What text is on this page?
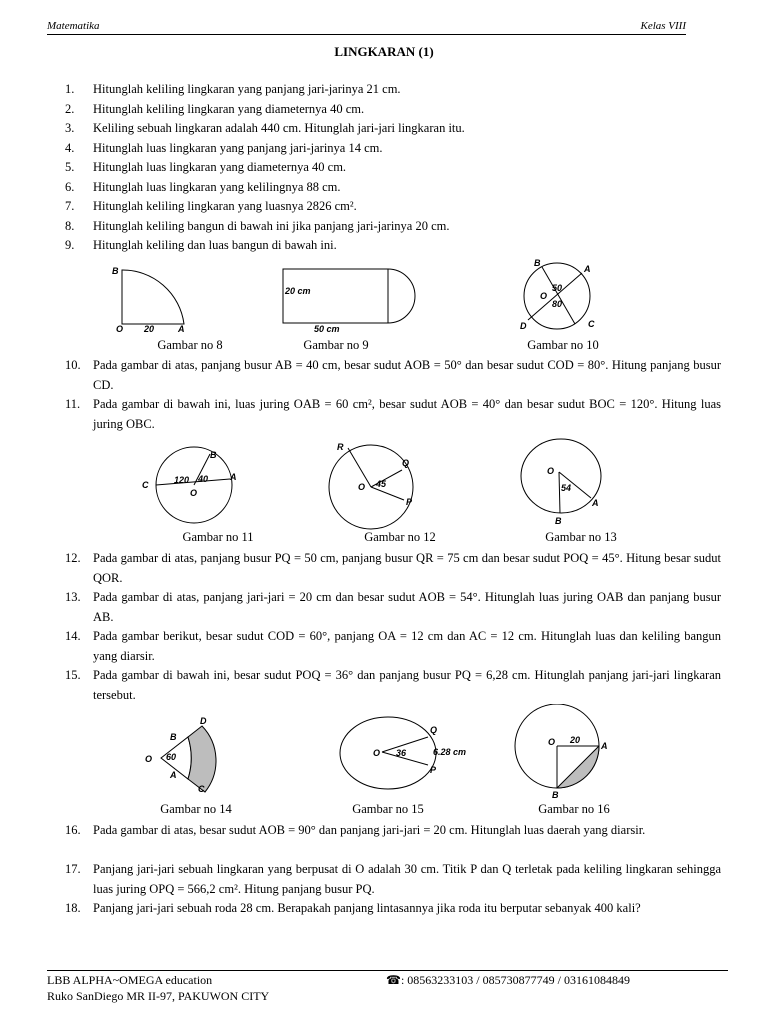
Matematika	Kelas VIII
LINGKARAN (1)
1.	Hitunglah keliling lingkaran yang panjang jari-jarinya 21 cm.
2.	Hitunglah keliling lingkaran yang diameternya 40 cm.
3.	Keliling sebuah lingkaran adalah 440 cm. Hitunglah jari-jari lingkaran itu.
4.	Hitunglah luas lingkaran yang panjang jari-jarinya 14 cm.
5.	Hitunglah luas lingkaran yang diameternya 40 cm.
6.	Hitunglah luas lingkaran yang kelilingnya 88 cm.
7.	Hitunglah keliling lingkaran yang luasnya 2826 cm².
8.	Hitunglah keliling bangun di bawah ini jika panjang jari-jarinya 20 cm.
9.	Hitunglah keliling dan luas bangun di bawah ini.
B
O 20	A
20 cm
50 cm
B
A
O
50
80
D	C
Gambar no 8	Gambar no 9	Gambar no 10
10. Pada gambar di atas, panjang busur AB = 40 cm, besar sudut AOB = 50° dan besar sudut COD = 80°. Hitung panjang busur CD.
11.	Pada gambar di bawah ini, luas juring OAB = 60 cm², besar sudut AOB = 40° dan besar sudut BOC = 120°. Hitung luas juring OBC.
C	120 40
B
A
O
R
Q
O 45
P
O
54
A
B
Gambar no 11	Gambar no 12	Gambar no 13
12. Pada gambar di atas, panjang busur PQ = 50 cm, panjang busur QR = 75 cm dan besar sudut POQ = 45°. Hitung besar sudut QOR.
13. Pada gambar di atas, panjang jari-jari = 20 cm dan besar sudut AOB = 54°. Hitunglah luas juring OAB dan panjang busur AB.
14. Pada gambar berikut, besar sudut COD = 60°, panjang OA = 12 cm dan AC = 12 cm. Hitunglah luas dan keliling bangun yang diarsir.
15. Pada gambar di bawah ini, besar sudut POQ = 36° dan panjang busur PQ = 6,28 cm. Hitunglah panjang jari-jari lingkaran tersebut.
D
B
O 60
A
C
O 36
Q
6.28 cm
P
O 20
A
B
Gambar no 14	Gambar no 15	Gambar no 16
16. Pada gambar di atas, besar sudut AOB = 90° dan panjang jari-jari = 20 cm. Hitunglah luas daerah yang diarsir.
17. Panjang jari-jari sebuah lingkaran yang berpusat di O adalah 30 cm. Titik P dan Q terletak pada keliling lingkaran sehingga luas juring OPQ = 566,2 cm². Hitung panjang busur PQ.
18. Panjang jari-jari sebuah roda 28 cm. Berapakah panjang lintasannya jika roda itu berputar sebanyak 400 kali?
LBB ALPHA~OMEGA education
Ruko SanDiego MR II-97, PAKUWON CITY
☎: 08563233103 / 085730877749 / 03161084849
